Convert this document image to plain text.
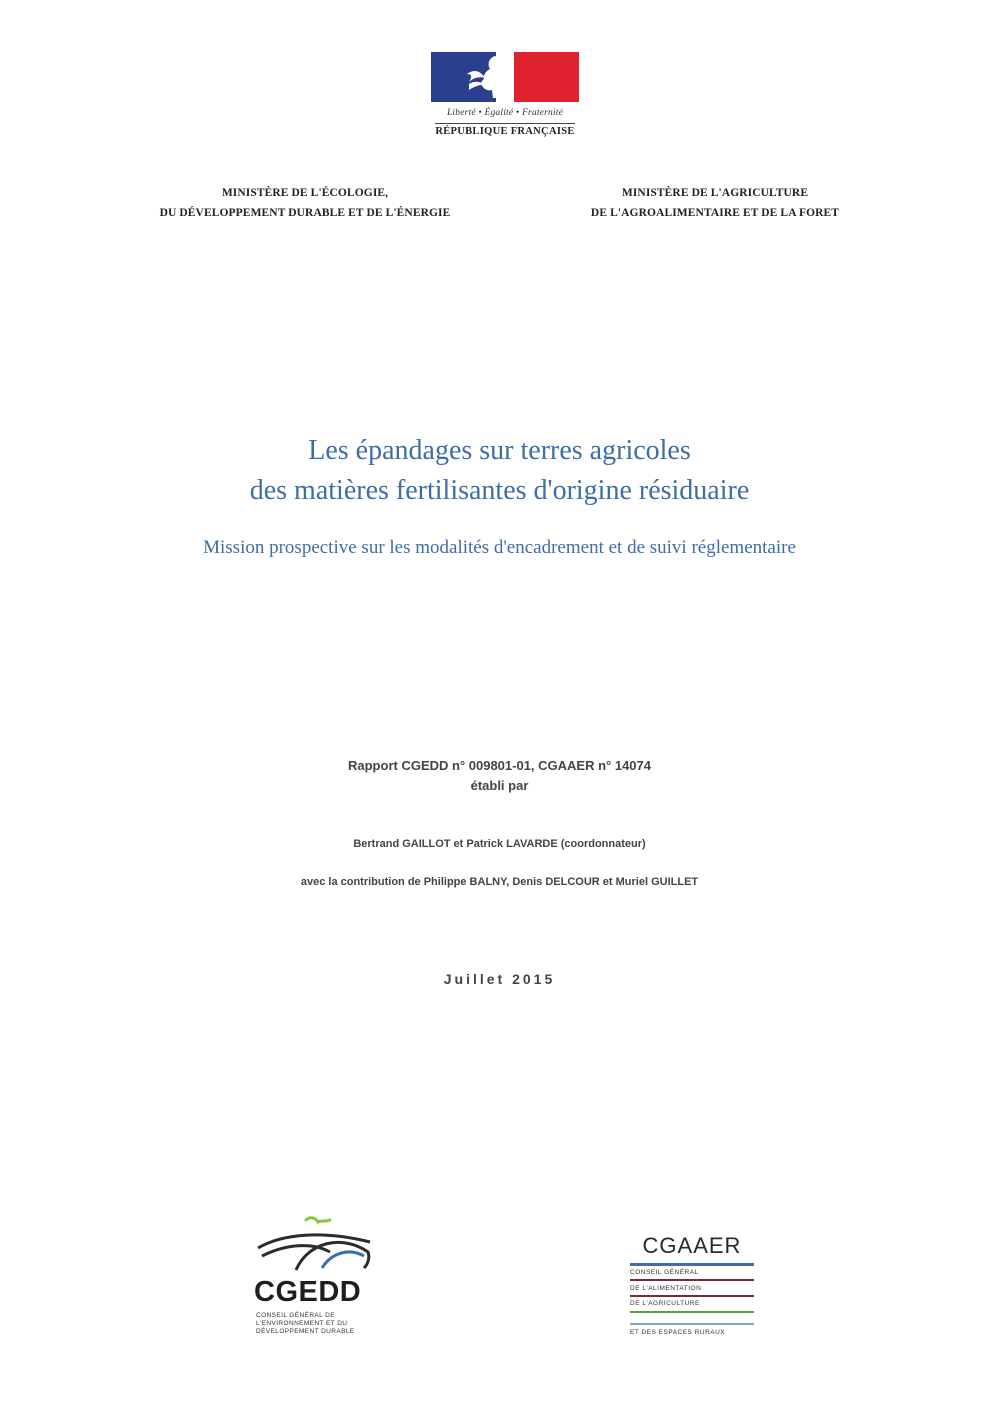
Liberté • Égalité • Fraternité
RÉPUBLIQUE FRANÇAISE
MINISTÈRE DE L'ÉCOLOGIE,
DU DÉVELOPPEMENT DURABLE ET DE L'ÉNERGIE
MINISTÈRE DE L'AGRICULTURE
DE L'AGROALIMENTAIRE ET DE LA FORET
Les épandages sur terres agricoles
des matières fertilisantes d'origine résiduaire
Mission prospective sur les modalités d'encadrement et de suivi réglementaire
Rapport CGEDD n° 009801-01, CGAAER n° 14074
établi par
Bertrand GAILLOT et Patrick LAVARDE (coordonnateur)
avec la contribution de Philippe BALNY, Denis DELCOUR et Muriel GUILLET
Juillet 2015
CGEDD
CONSEIL GÉNÉRAL DE
L'ENVIRONNEMENT ET DU
DÉVELOPPEMENT DURABLE
CGAAER
CONSEIL GÉNÉRAL
DE L'ALIMENTATION
DE L'AGRICULTURE
ET DES ESPACES RURAUX
